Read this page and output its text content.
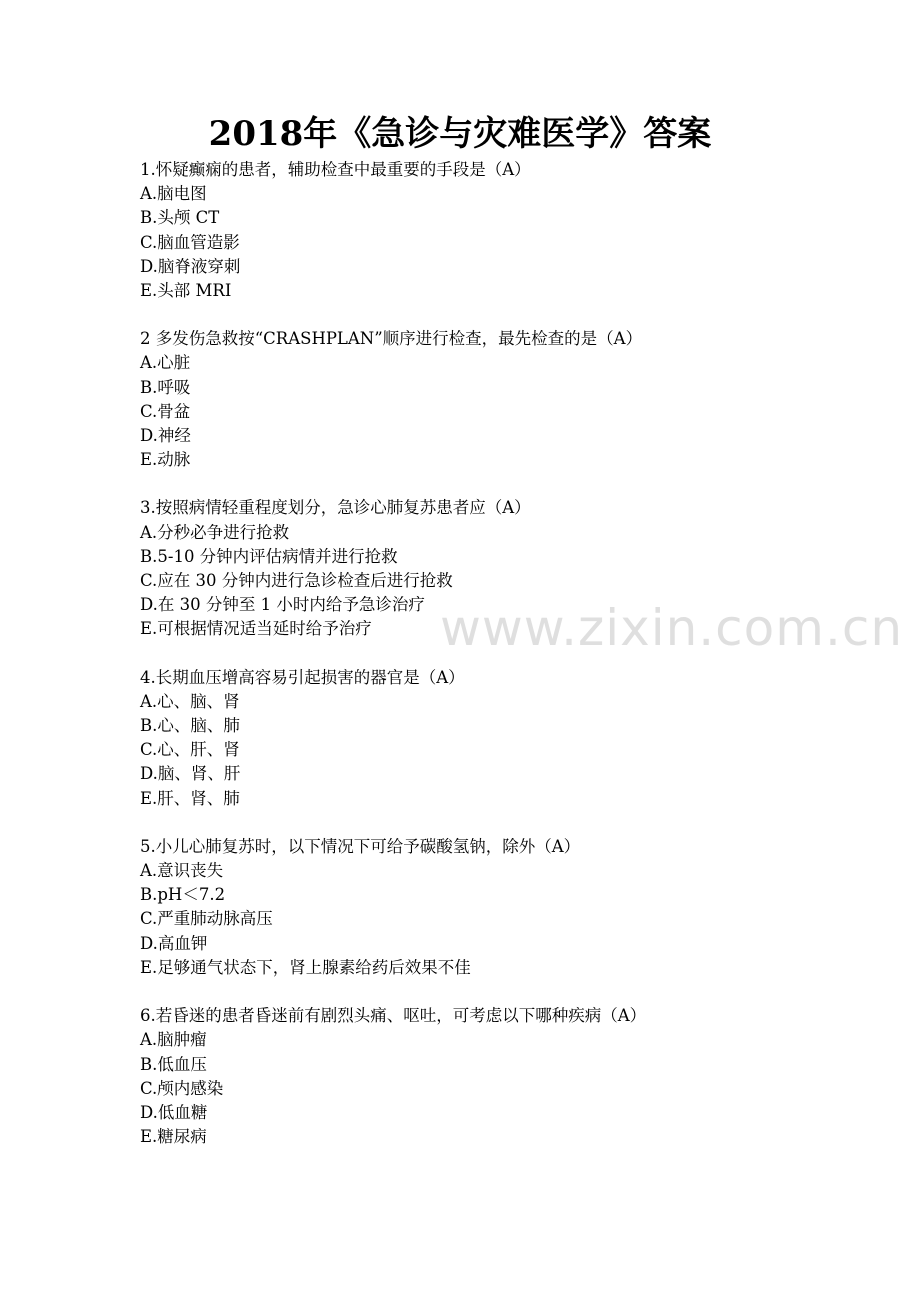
2018年《急诊与灾难医学》答案
1.怀疑癫痫的患者，辅助检查中最重要的手段是（A）
A.脑电图
B.头颅 CT
C.脑血管造影
D.脑脊液穿刺
E.头部 MRI
2 多发伤急救按“CRASHPLAN”顺序进行检查，最先检查的是（A）
A.心脏
B.呼吸
C.骨盆
D.神经
E.动脉
3.按照病情轻重程度划分，急诊心肺复苏患者应（A）
A.分秒必争进行抢救
B.5-10 分钟内评估病情并进行抢救
C.应在 30 分钟内进行急诊检查后进行抢救
D.在 30 分钟至 1 小时内给予急诊治疗
E.可根据情况适当延时给予治疗
4.长期血压增高容易引起损害的器官是（A）
A.心、脑、肾
B.心、脑、肺
C.心、肝、肾
D.脑、肾、肝
E.肝、肾、肺
5.小儿心肺复苏时，以下情况下可给予碳酸氢钠，除外（A）
A.意识丧失
B.pH＜7.2
C.严重肺动脉高压
D.高血钾
E.足够通气状态下，肾上腺素给药后效果不佳
6.若昏迷的患者昏迷前有剧烈头痛、呕吐，可考虑以下哪种疾病（A）
A.脑肿瘤
B.低血压
C.颅内感染
D.低血糖
E.糖尿病
www.zixin.com.cn
